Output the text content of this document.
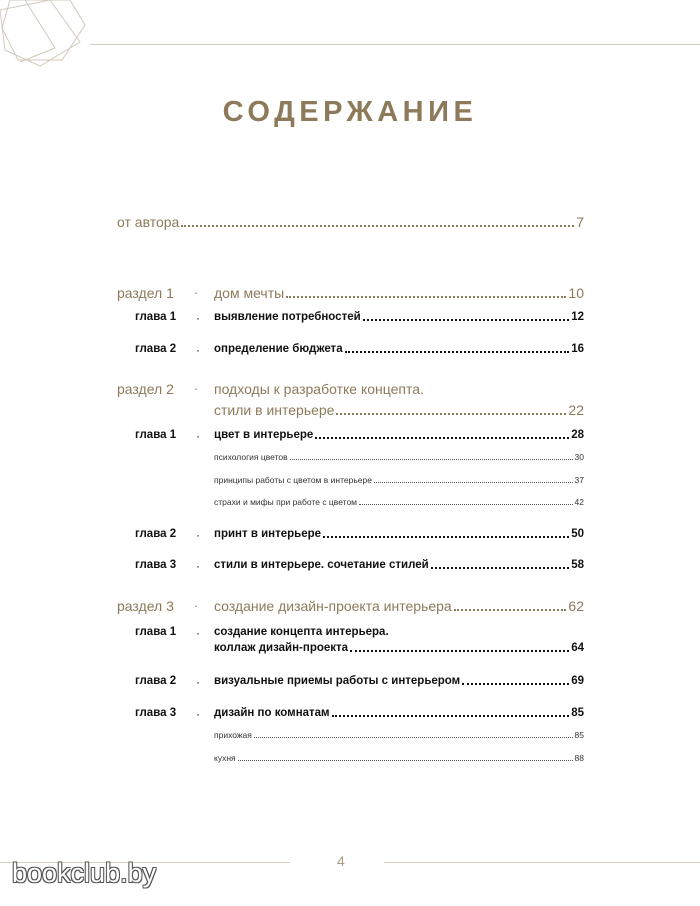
СОДЕРЖАНИЕ
от автора	7
раздел 1 · дом мечты	10
глава 1 · выявление потребностей	12
глава 2 · определение бюджета	16
раздел 2 · подходы к разработке концепта.
стили в интерьере	22
глава 1 · цвет в интерьере	28
психология цветов	30
принципы работы с цветом в интерьере	37
страхи и мифы при работе с цветом	42
глава 2 · принт в интерьере	50
глава 3 · стили в интерьере. сочетание стилей	58
раздел 3 · создание дизайн-проекта интерьера	62
глава 1 · создание концепта интерьера.
коллаж дизайн-проекта	64
глава 2 · визуальные приемы работы с интерьером	69
глава 3 · дизайн по комнатам	85
прихожая	85
кухня	88
4
bookclub.by
